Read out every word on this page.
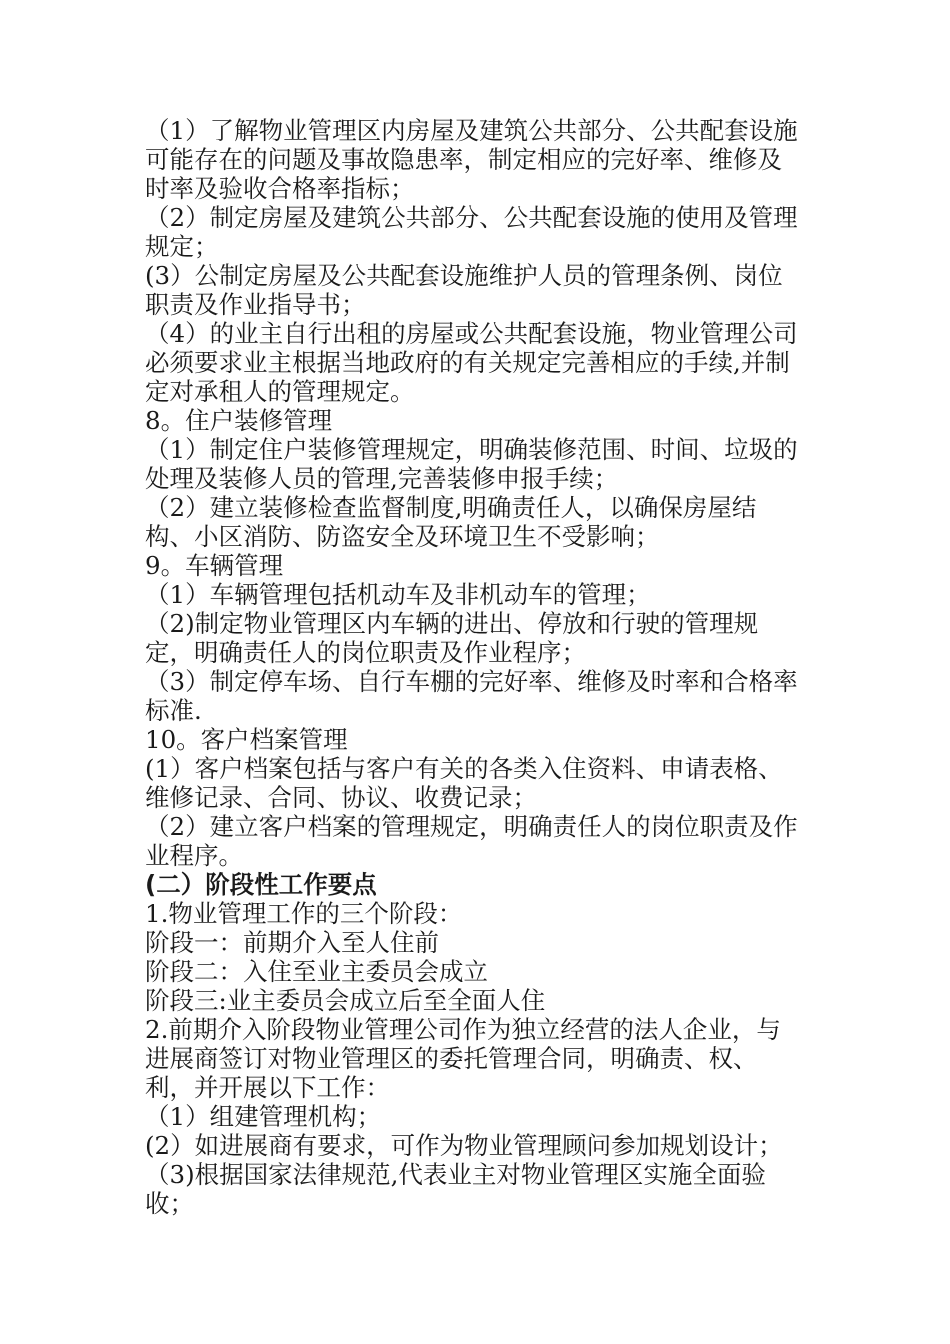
（1）了解物业管理区内房屋及建筑公共部分、公共配套设施可能存在的问题及事故隐患率，制定相应的完好率、维修及时率及验收合格率指标；

（2）制定房屋及建筑公共部分、公共配套设施的使用及管理规定；

(3）公制定房屋及公共配套设施维护人员的管理条例、岗位职责及作业指导书；

（4）的业主自行出租的房屋或公共配套设施，物业管理公司必须要求业主根据当地政府的有关规定完善相应的手续,并制定对承租人的管理规定。

8。住户装修管理

（1）制定住户装修管理规定，明确装修范围、时间、垃圾的处理及装修人员的管理,完善装修申报手续；

（2）建立装修检查监督制度,明确责任人，以确保房屋结构、小区消防、防盗安全及环境卫生不受影响；

9。车辆管理

（1）车辆管理包括机动车及非机动车的管理；

（2)制定物业管理区内车辆的进出、停放和行驶的管理规定，明确责任人的岗位职责及作业程序；

（3）制定停车场、自行车棚的完好率、维修及时率和合格率标准.

10。客户档案管理

(1）客户档案包括与客户有关的各类入住资料、申请表格、维修记录、合同、协议、收费记录；

（2）建立客户档案的管理规定，明确责任人的岗位职责及作业程序。

(二）阶段性工作要点

1.物业管理工作的三个阶段：

阶段一：前期介入至人住前

阶段二：入住至业主委员会成立

阶段三:业主委员会成立后至全面人住

2.前期介入阶段物业管理公司作为独立经营的法人企业，与进展商签订对物业管理区的委托管理合同，明确责、权、利，并开展以下工作：

（1）组建管理机构；

(2）如进展商有要求，可作为物业管理顾问参加规划设计；

（3)根据国家法律规范,代表业主对物业管理区实施全面验收；
